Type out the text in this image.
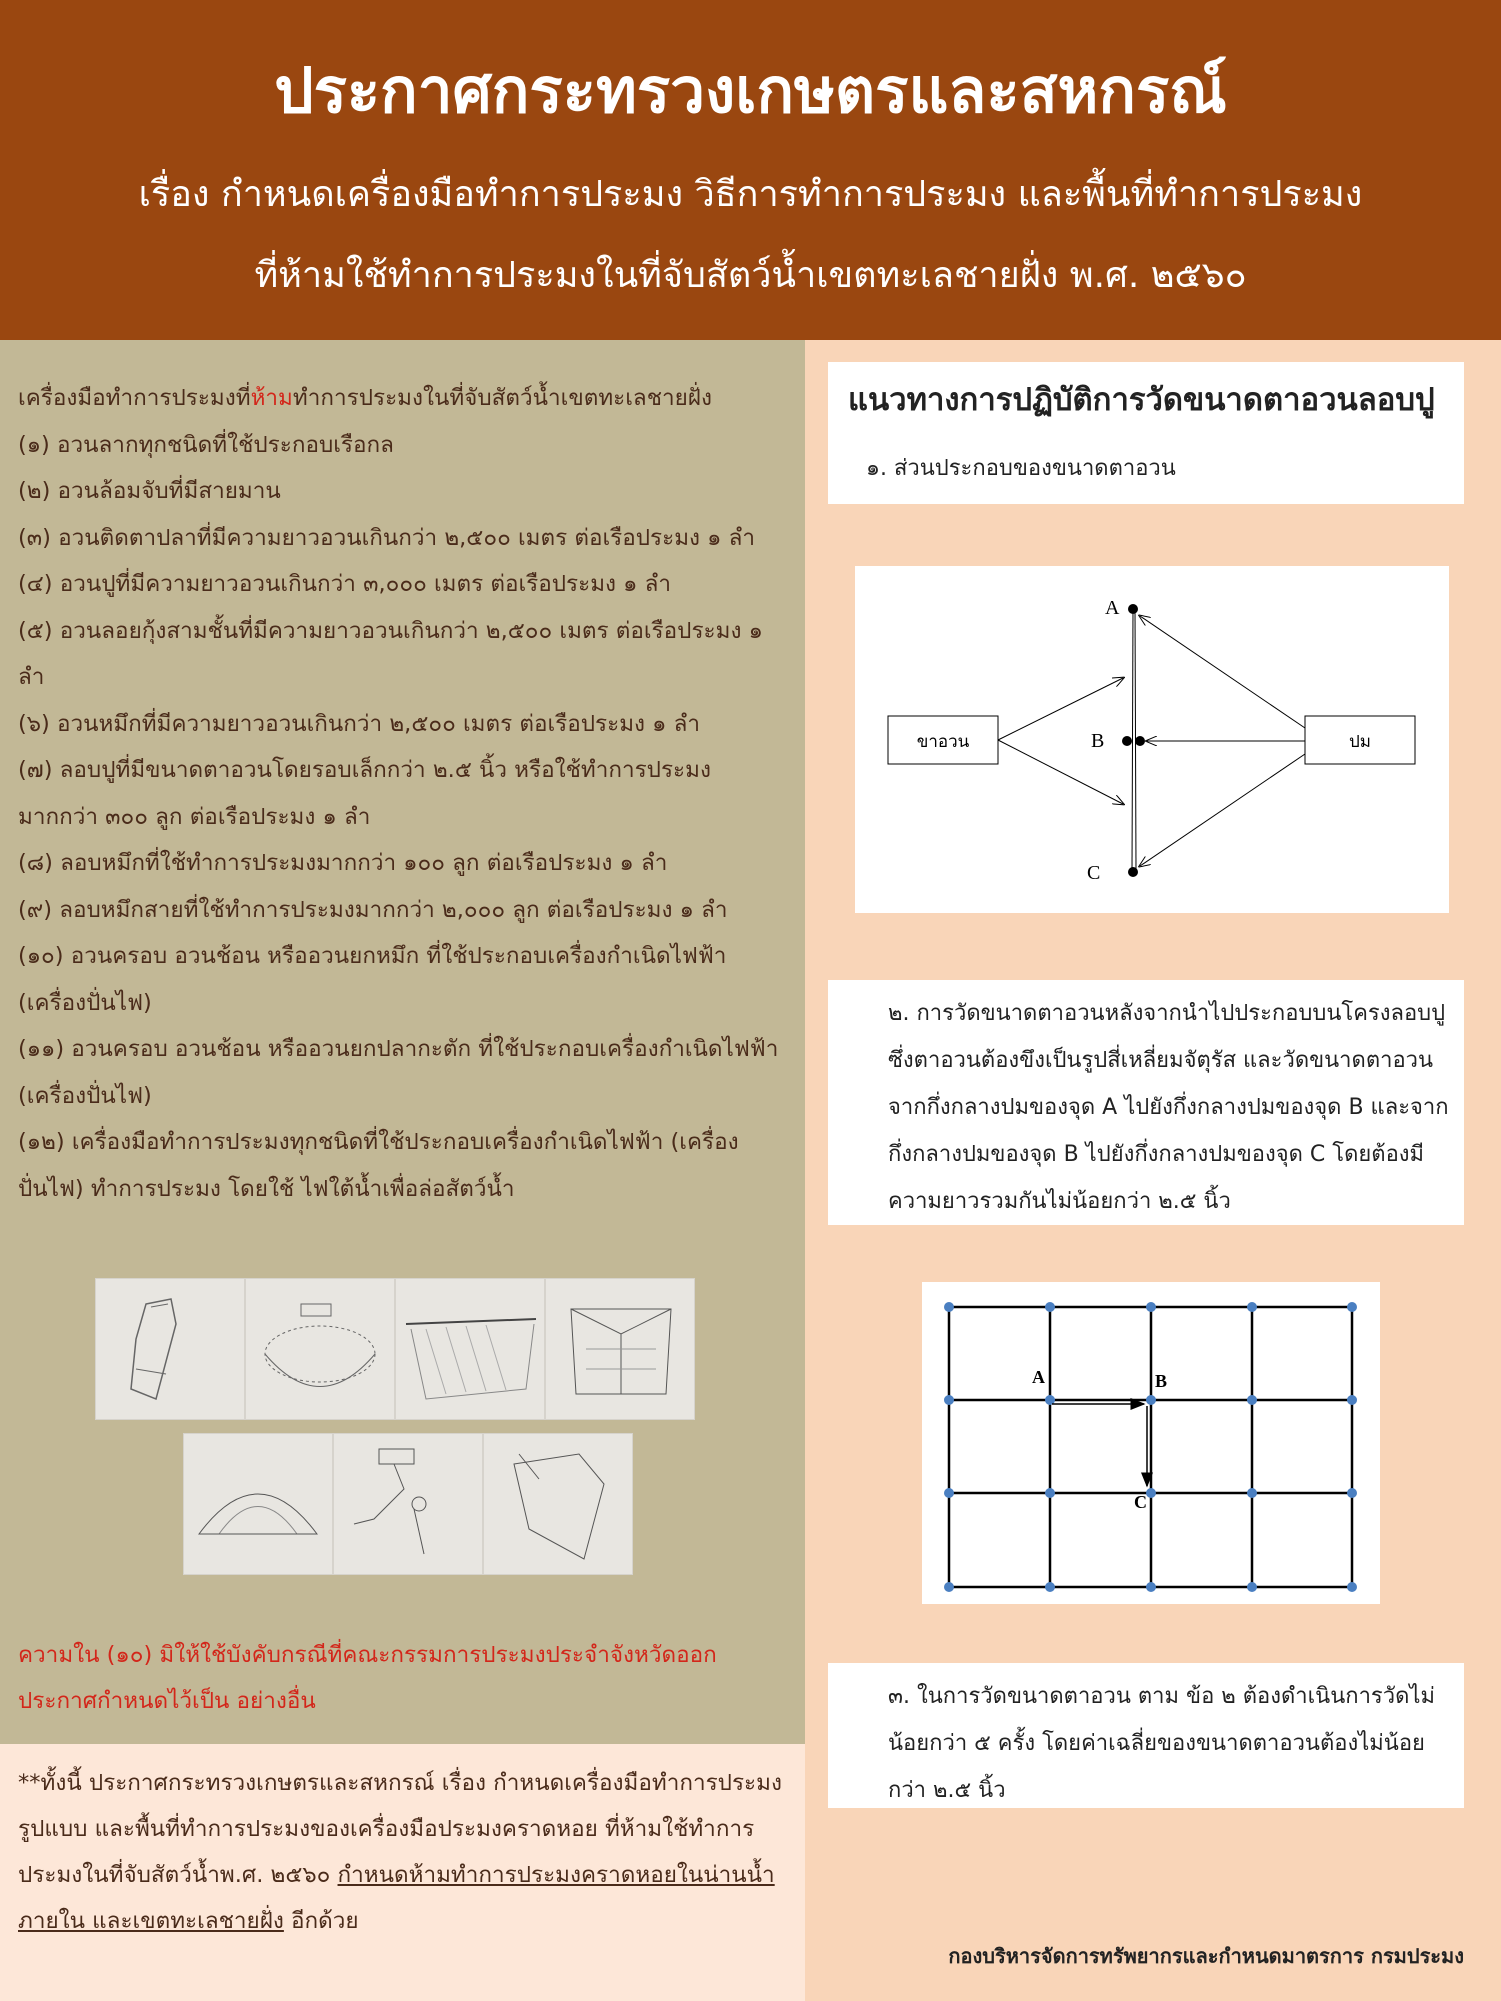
ประกาศกระทรวงเกษตรและสหกรณ์
เรื่อง กำหนดเครื่องมือทำการประมง วิธีการทำการประมง และพื้นที่ทำการประมง
ที่ห้ามใช้ทำการประมงในที่จับสัตว์น้ำเขตทะเลชายฝั่ง พ.ศ. ๒๕๖๐

เครื่องมือทำการประมงที่ห้ามทำการประมงในที่จับสัตว์น้ำเขตทะเลชายฝั่ง

(๑) อวนลากทุกชนิดที่ใช้ประกอบเรือกล

(๒) อวนล้อมจับที่มีสายมาน

(๓) อวนติดตาปลาที่มีความยาวอวนเกินกว่า ๒,๕๐๐ เมตร ต่อเรือประมง ๑ ลำ

(๔) อวนปูที่มีความยาวอวนเกินกว่า ๓,๐๐๐ เมตร ต่อเรือประมง ๑ ลำ

(๕) อวนลอยกุ้งสามชั้นที่มีความยาวอวนเกินกว่า ๒,๕๐๐ เมตร ต่อเรือประมง ๑ ลำ

(๖) อวนหมึกที่มีความยาวอวนเกินกว่า ๒,๕๐๐ เมตร ต่อเรือประมง ๑ ลำ

(๗) ลอบปูที่มีขนาดตาอวนโดยรอบเล็กกว่า ๒.๕ นิ้ว หรือใช้ทำการประมง มากกว่า ๓๐๐ ลูก ต่อเรือประมง ๑ ลำ

(๘) ลอบหมึกที่ใช้ทำการประมงมากกว่า ๑๐๐ ลูก ต่อเรือประมง ๑ ลำ

(๙) ลอบหมึกสายที่ใช้ทำการประมงมากกว่า ๒,๐๐๐ ลูก ต่อเรือประมง ๑ ลำ

(๑๐) อวนครอบ อวนช้อน หรืออวนยกหมึก ที่ใช้ประกอบเครื่องกำเนิดไฟฟ้า (เครื่องปั่นไฟ)

(๑๑) อวนครอบ อวนช้อน หรืออวนยกปลากะตัก ที่ใช้ประกอบเครื่องกำเนิดไฟฟ้า (เครื่องปั่นไฟ)

(๑๒) เครื่องมือทำการประมงทุกชนิดที่ใช้ประกอบเครื่องกำเนิดไฟฟ้า (เครื่องปั่นไฟ) ทำการประมง โดยใช้ ไฟใต้น้ำเพื่อล่อสัตว์น้ำ

ความใน (๑๐) มิให้ใช้บังคับกรณีที่คณะกรรมการประมงประจำจังหวัดออกประกาศกำหนดไว้เป็น อย่างอื่น
**ทั้งนี้ ประกาศกระทรวงเกษตรและสหกรณ์ เรื่อง กำหนดเครื่องมือทำการประมง รูปแบบ และพื้นที่ทำการประมงของเครื่องมือประมงคราดหอย ที่ห้ามใช้ทำการประมงในที่จับสัตว์น้ำพ.ศ. ๒๕๖๐ กำหนดห้ามทำการประมงคราดหอยในน่านน้ำภายใน และเขตทะเลชายฝั่ง อีกด้วย
แนวทางการปฏิบัติการวัดขนาดตาอวนลอบปู
๑. ส่วนประกอบของขนาดตาอวน
ขาอวน	ปม
A
B
C
๒. การวัดขนาดตาอวนหลังจากนำไปประกอบบนโครงลอบปู ซึ่งตาอวนต้องขึงเป็นรูปสี่เหลี่ยมจัตุรัส และวัดขนาดตาอวนจากกึ่งกลางปมของจุด A ไปยังกึ่งกลางปมของจุด B และจากกึ่งกลางปมของจุด B ไปยังกึ่งกลางปมของจุด C โดยต้องมีความยาวรวมกันไม่น้อยกว่า ๒.๕ นิ้ว
A	B
C
๓. ในการวัดขนาดตาอวน ตาม ข้อ ๒ ต้องดำเนินการวัดไม่น้อยกว่า ๕ ครั้ง โดยค่าเฉลี่ยของขนาดตาอวนต้องไม่น้อยกว่า ๒.๕ นิ้ว
กองบริหารจัดการทรัพยากรและกำหนดมาตรการ กรมประมง
